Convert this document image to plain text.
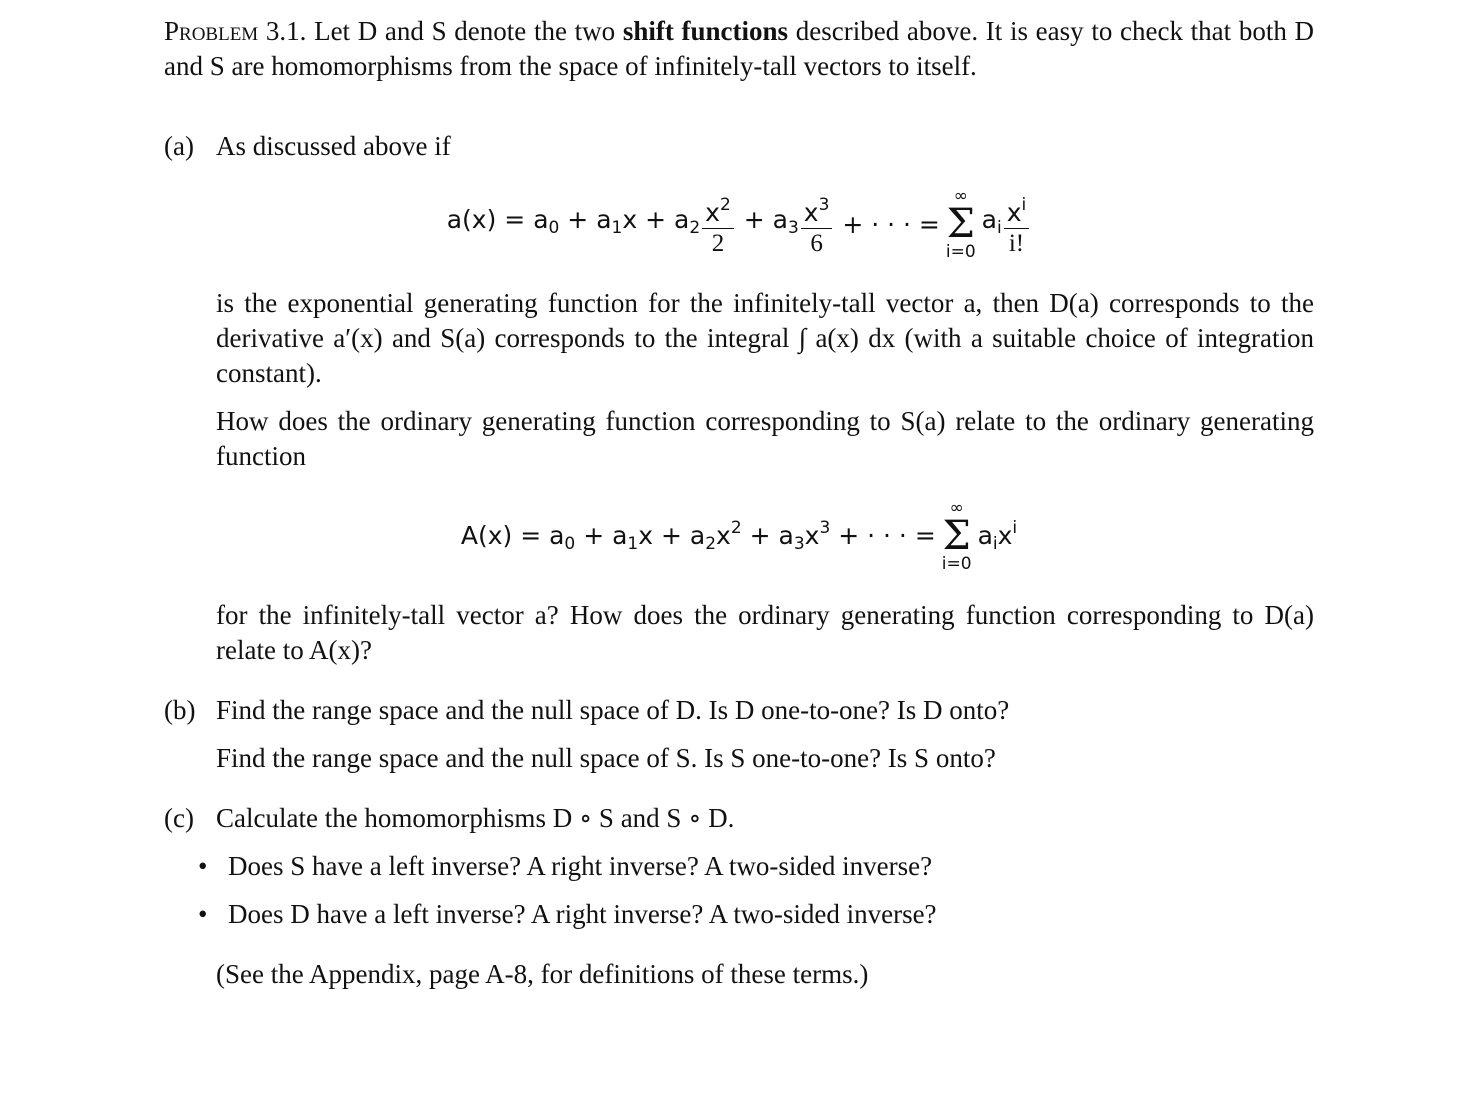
Problem 3.1. Let D and S denote the two shift functions described above. It is easy to check that both D and S are homomorphisms from the space of infinitely-tall vectors to itself.

(a) As discussed above if

$a(x) = a_0 + a_1x + a_2 \frac{x^2}{2} + a_3 \frac{x^3}{6}$ + · · · =
∞
Σ
i=0
$a_i \frac{x^i}{i!}$

is the exponential generating function for the infinitely-tall vector a, then D(a) corresponds to the derivative a′(x) and S(a) corresponds to the integral ∫ a(x) dx (with a suitable choice of integration constant).

How does the ordinary generating function corresponding to S(a) relate to the ordinary generating function

$A(x) = a_0 + a_1x + a_2x^2 + a_3x^3$ + · · · =
∞
Σ
i=0
$a_ix^i$

for the infinitely-tall vector a? How does the ordinary generating function corresponding to D(a) relate to A(x)?

(b) Find the range space and the null space of D. Is D one-to-one? Is D onto?

Find the range space and the null space of S. Is S one-to-one? Is S onto?

(c) Calculate the homomorphisms D ∘ S and S ∘ D.

• Does S have a left inverse? A right inverse? A two-sided inverse?
• Does D have a left inverse? A right inverse? A two-sided inverse?

(See the Appendix, page A-8, for definitions of these terms.)
